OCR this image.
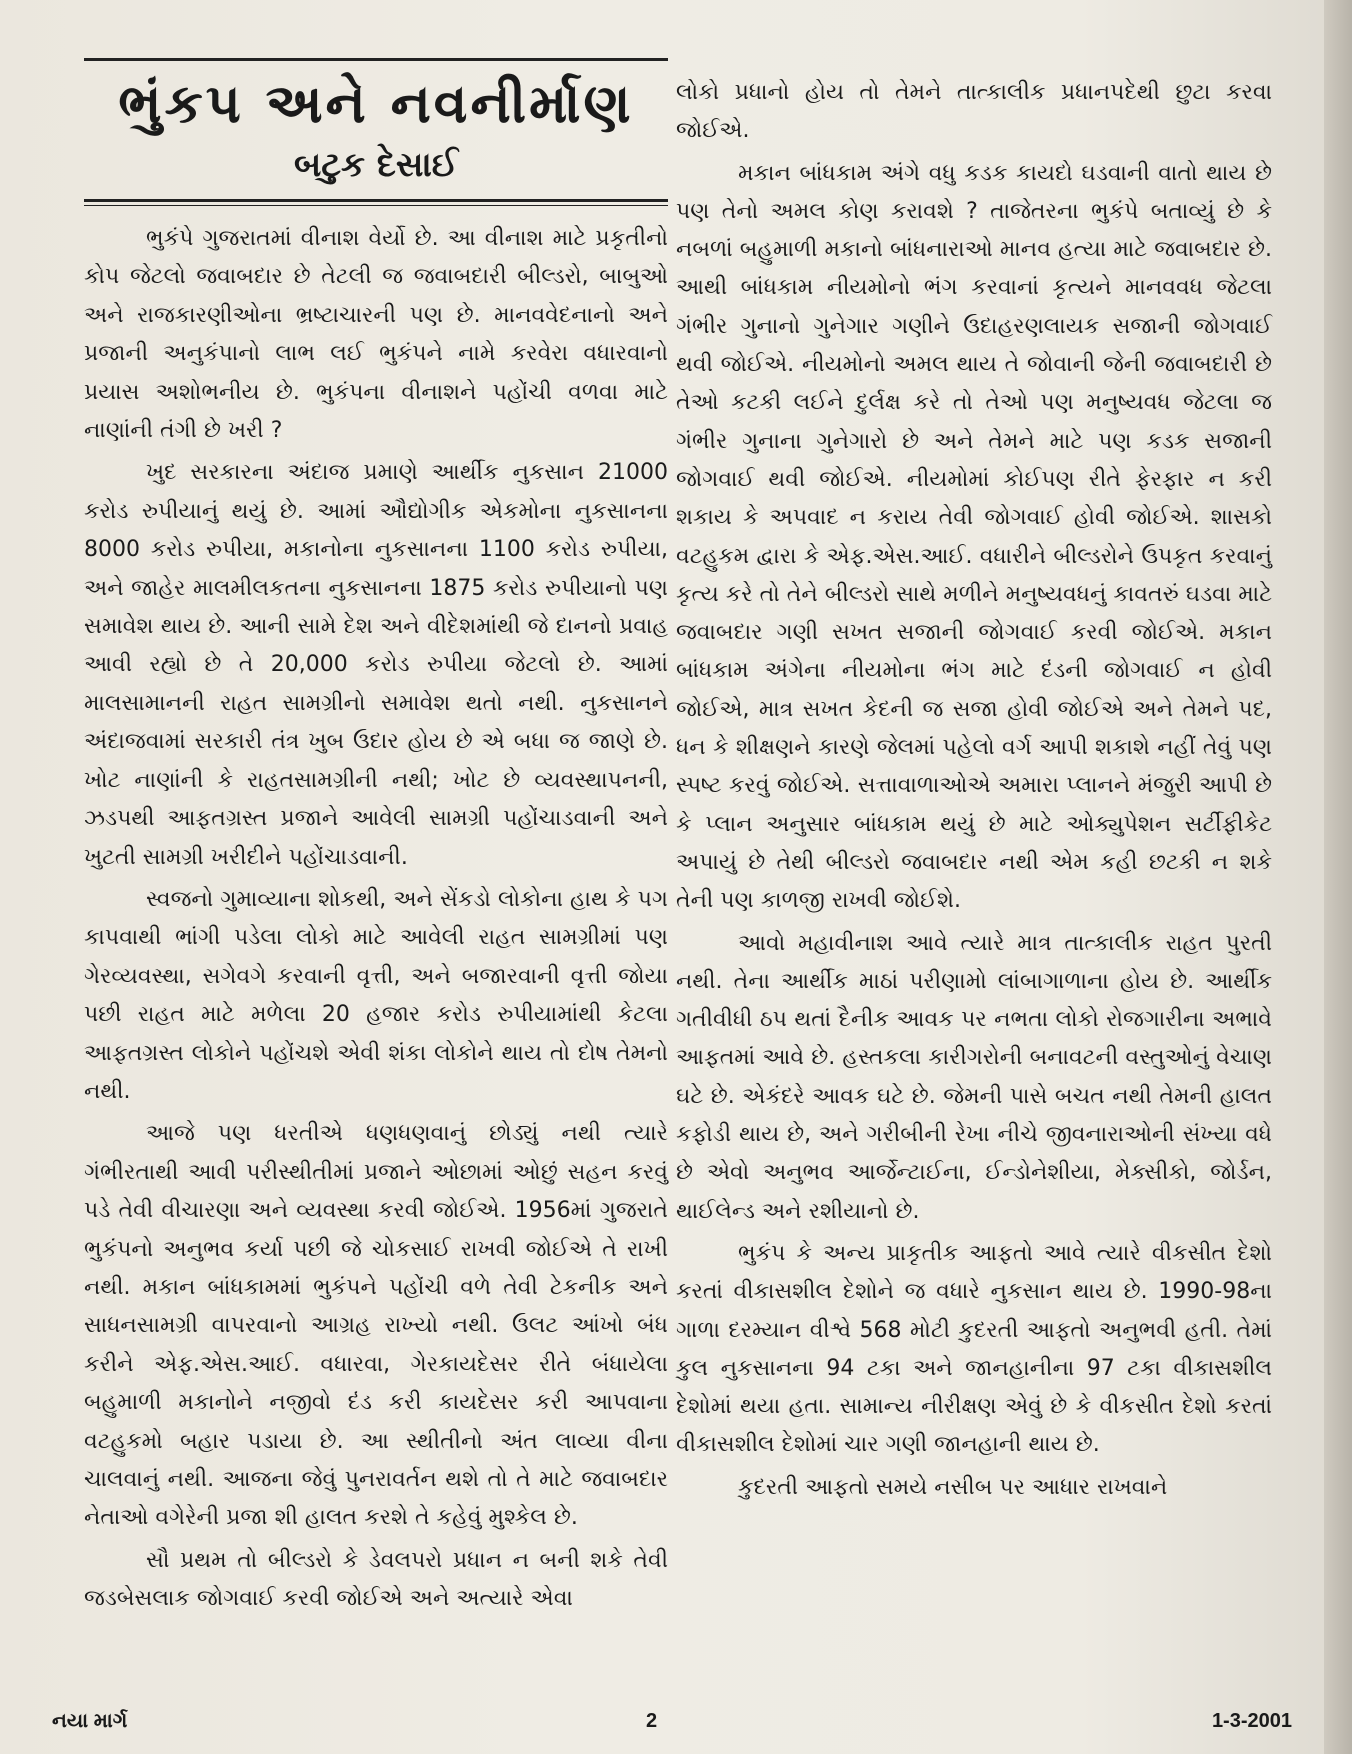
ભુંકપ અને નવનીર્માણ
બટુક દેસાઈ

ભુકંપે ગુજરાતમાં વીનાશ વેર્યો છે. આ વીનાશ માટે પ્રકૃતીનો કોપ જેટલો જવાબદાર છે તેટલી જ જવાબદારી બીલ્ડરો, બાબુઓ અને રાજકારણીઓના ભ્રષ્ટાચારની પણ છે. માનવવેદનાનો અને પ્રજાની અનુકંપાનો લાભ લઈ ભુકંપને નામે કરવેરા વધારવાનો પ્રયાસ અશોભનીય છે. ભુકંપના વીનાશને પહોંચી વળવા માટે નાણાંની તંગી છે ખરી ?

ખુદ સરકારના અંદાજ પ્રમાણે આર્થીક નુકસાન 21000 કરોડ રુપીયાનું થયું છે. આમાં ઔદ્યોગીક એકમોના નુકસાનના 8000 કરોડ રુપીયા, મકાનોના નુકસાનના 1100 કરોડ રુપીયા, અને જાહેર માલમીલકતના નુકસાનના 1875 કરોડ રુપીયાનો પણ સમાવેશ થાય છે. આની સામે દેશ અને વીદેશમાંથી જે દાનનો પ્રવાહ આવી રહ્યો છે તે 20,000 કરોડ રુપીયા જેટલો છે. આમાં માલસામાનની રાહત સામગ્રીનો સમાવેશ થતો નથી. નુકસાનને અંદાજવામાં સરકારી તંત્ર ખુબ ઉદાર હોય છે એ બધા જ જાણે છે. ખોટ નાણાંની કે રાહતસામગ્રીની નથી; ખોટ છે વ્યવસ્થાપનની, ઝડપથી આફતગ્રસ્ત પ્રજાને આવેલી સામગ્રી પહોંચાડવાની અને ખુટતી સામગ્રી ખરીદીને પહોંચાડવાની.

સ્વજનો ગુમાવ્યાના શોકથી, અને સેંકડો લોકોના હાથ કે પગ કાપવાથી ભાંગી પડેલા લોકો માટે આવેલી રાહત સામગ્રીમાં પણ ગેરવ્યવસ્થા, સગેવગે કરવાની વૃત્તી, અને બજારવાની વૃત્તી જોયા પછી રાહત માટે મળેલા 20 હજાર કરોડ રુપીયામાંથી કેટલા આફતગ્રસ્ત લોકોને પહોંચશે એવી શંકા લોકોને થાય તો દોષ તેમનો નથી.

આજે પણ ધરતીએ ધણધણવાનું છોડ્યું નથી ત્યારે ગંભીરતાથી આવી પરીસ્થીતીમાં પ્રજાને ઓછામાં ઓછું સહન કરવું પડે તેવી વીચારણા અને વ્યવસ્થા કરવી જોઈએ. 1956માં ગુજરાતે ભુકંપનો અનુભવ કર્યા પછી જે ચોકસાઈ રાખવી જોઈએ તે રાખી નથી. મકાન બાંધકામમાં ભુકંપને પહોંચી વળે તેવી ટેકનીક અને સાધનસામગ્રી વાપરવાનો આગ્રહ રાખ્યો નથી. ઉલટ આંખો બંધ કરીને એફ.એસ.આઈ. વધારવા, ગેરકાયદેસર રીતે બંધાયેલા બહુમાળી મકાનોને નજીવો દંડ કરી કાયદેસર કરી આપવાના વટહુકમો બહાર પડાયા છે. આ સ્થીતીનો અંત લાવ્યા વીના ચાલવાનું નથી. આજના જેવું પુનરાવર્તન થશે તો તે માટે જવાબદાર નેતાઓ વગેરેની પ્રજા શી હાલત કરશે તે કહેવું મુશ્કેલ છે.

સૌ પ્રથમ તો બીલ્ડરો કે ડેવલપરો પ્રધાન ન બની શકે તેવી જડબેસલાક જોગવાઈ કરવી જોઈએ અને અત્યારે એવા

લોકો પ્રધાનો હોય તો તેમને તાત્કાલીક પ્રધાનપદેથી છુટા કરવા જોઈએ.

મકાન બાંધકામ અંગે વધુ કડક કાયદો ઘડવાની વાતો થાય છે પણ તેનો અમલ કોણ કરાવશે ? તાજેતરના ભુકંપે બતાવ્યું છે કે નબળાં બહુમાળી મકાનો બાંધનારાઓ માનવ હત્યા માટે જવાબદાર છે. આથી બાંધકામ નીયમોનો ભંગ કરવાનાં કૃત્યને માનવવધ જેટલા ગંભીર ગુનાનો ગુનેગાર ગણીને ઉદાહરણલાયક સજાની જોગવાઈ થવી જોઈએ. નીયમોનો અમલ થાય તે જોવાની જેની જવાબદારી છે તેઓ કટકી લઈને દુર્લક્ષ કરે તો તેઓ પણ મનુષ્યવધ જેટલા જ ગંભીર ગુનાના ગુનેગારો છે અને તેમને માટે પણ કડક સજાની જોગવાઈ થવી જોઈએ. નીયમોમાં કોઈપણ રીતે ફેરફાર ન કરી શકાય કે અપવાદ ન કરાય તેવી જોગવાઈ હોવી જોઈએ. શાસકો વટહુકમ દ્વારા કે એફ.એસ.આઈ. વધારીને બીલ્ડરોને ઉપકૃત કરવાનું કૃત્ય કરે તો તેને બીલ્ડરો સાથે મળીને મનુષ્યવધનું કાવતરું ઘડવા માટે જવાબદાર ગણી સખત સજાની જોગવાઈ કરવી જોઈએ. મકાન બાંધકામ અંગેના નીયમોના ભંગ માટે દંડની જોગવાઈ ન હોવી જોઈએ, માત્ર સખત કેદની જ સજા હોવી જોઈએ અને તેમને પદ, ધન કે શીક્ષણને કારણે જેલમાં પહેલો વર્ગ આપી શકાશે નહીં તેવું પણ સ્પષ્ટ કરવું જોઈએ. સત્તાવાળાઓએ અમારા પ્લાનને મંજુરી આપી છે કે પ્લાન અનુસાર બાંધકામ થયું છે માટે ઓક્યુપેશન સર્ટીફીકેટ અપાયું છે તેથી બીલ્ડરો જવાબદાર નથી એમ કહી છટકી ન શકે તેની પણ કાળજી રાખવી જોઈશે.

આવો મહાવીનાશ આવે ત્યારે માત્ર તાત્કાલીક રાહત પુરતી નથી. તેના આર્થીક માઠાં પરીણામો લાંબાગાળાના હોય છે. આર્થીક ગતીવીધી ઠપ થતાં દૈનીક આવક પર નભતા લોકો રોજગારીના અભાવે આફતમાં આવે છે. હસ્તકલા કારીગરોની બનાવટની વસ્તુઓનું વેચાણ ઘટે છે. એકંદરે આવક ઘટે છે. જેમની પાસે બચત નથી તેમની હાલત કફોડી થાય છે, અને ગરીબીની રેખા નીચે જીવનારાઓની સંખ્યા વધે છે એવો અનુભવ આર્જેન્ટાઈના, ઈન્ડોનેશીયા, મેક્સીકો, જોર્ડન, થાઈલેન્ડ અને રશીયાનો છે.

ભુકંપ કે અન્ય પ્રાકૃતીક આફતો આવે ત્યારે વીકસીત દેશો કરતાં વીકાસશીલ દેશોને જ વધારે નુકસાન થાય છે. 1990-98ના ગાળા દરમ્યાન વીશ્વે 568 મોટી કુદરતી આફતો અનુભવી હતી. તેમાં કુલ નુકસાનના 94 ટકા અને જાનહાનીના 97 ટકા વીકાસશીલ દેશોમાં થયા હતા. સામાન્ય નીરીક્ષણ એવું છે કે વીકસીત દેશો કરતાં વીકાસશીલ દેશોમાં ચાર ગણી જાનહાની થાય છે.

કુદરતી આફતો સમયે નસીબ પર આધાર રાખવાને

નયા માર્ગ	2	1-3-2001
